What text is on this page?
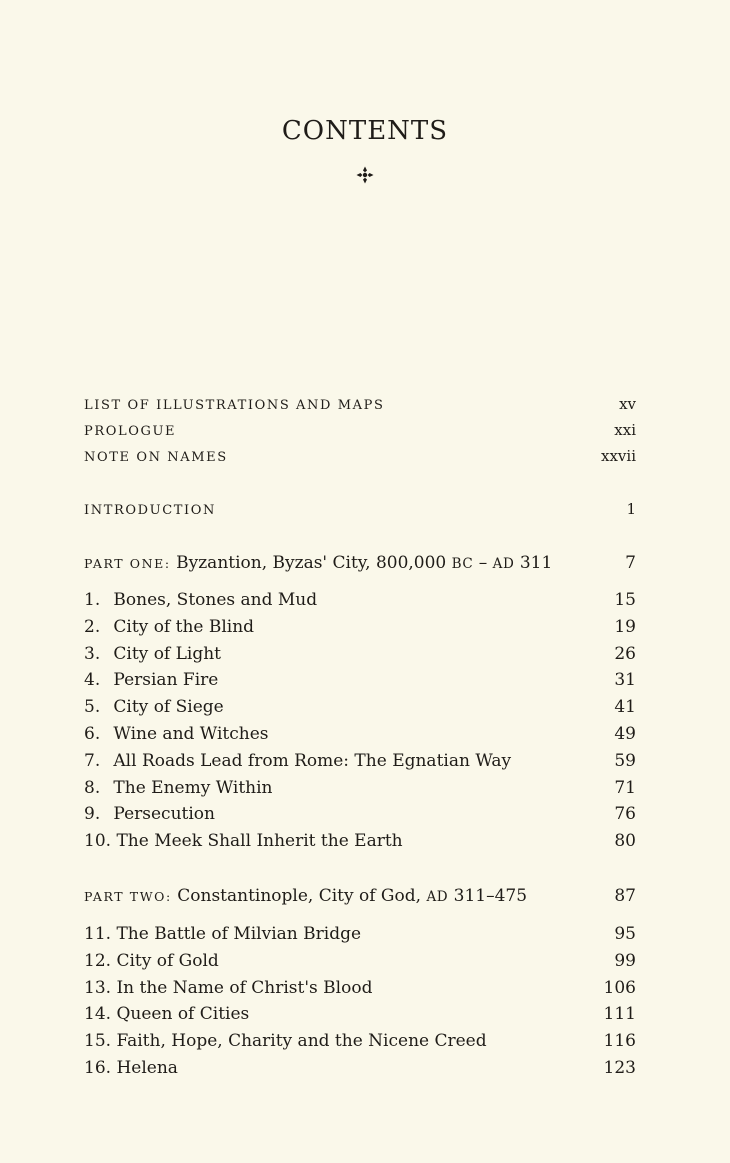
CONTENTS
LIST OF ILLUSTRATIONS AND MAPS	xv
PROLOGUE	xxi
NOTE ON NAMES	xxvii
INTRODUCTION	1
PART ONE: Byzantion, Byzas' City, 800,000 BC – AD 311	7
1. Bones, Stones and Mud	15
2. City of the Blind	19
3. City of Light	26
4. Persian Fire	31
5. City of Siege	41
6. Wine and Witches	49
7. All Roads Lead from Rome: The Egnatian Way	59
8. The Enemy Within	71
9. Persecution	76
10. The Meek Shall Inherit the Earth	80
PART TWO: Constantinople, City of God, AD 311–475	87
11. The Battle of Milvian Bridge	95
12. City of Gold	99
13. In the Name of Christ's Blood	106
14. Queen of Cities	111
15. Faith, Hope, Charity and the Nicene Creed	116
16. Helena	123
